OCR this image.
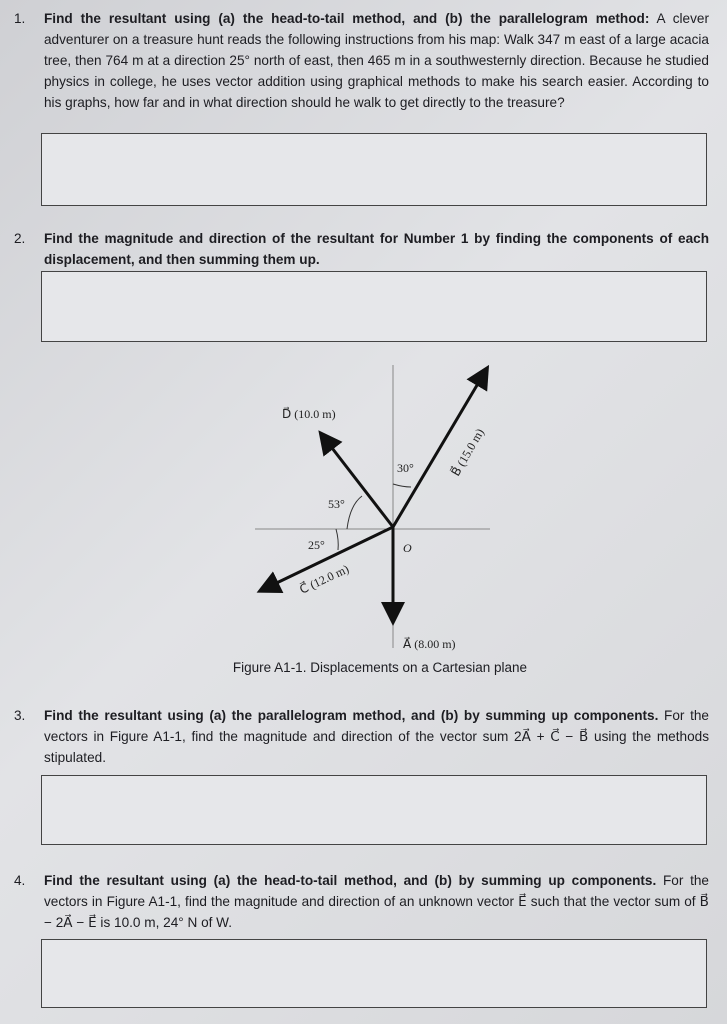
1. Find the resultant using (a) the head-to-tail method, and (b) the parallelogram method: A clever adventurer on a treasure hunt reads the following instructions from his map: Walk 347 m east of a large acacia tree, then 764 m at a direction 25° north of east, then 465 m in a southwesternly direction. Because he studied physics in college, he uses vector addition using graphical methods to make his search easier. According to his graphs, how far and in what direction should he walk to get directly to the treasure?
2. Find the magnitude and direction of the resultant for Number 1 by finding the components of each displacement, and then summing them up.
D⃗ (10.0 m)
B⃗ (15.0 m)
C⃗ (12.0 m)
A⃗ (8.00 m)
O
30°
53°
25°
Figure A1-1. Displacements on a Cartesian plane
3. Find the resultant using (a) the parallelogram method, and (b) by summing up components. For the vectors in Figure A1-1, find the magnitude and direction of the vector sum 2A⃗ + C⃗ − B⃗ using the methods stipulated.
4. Find the resultant using (a) the head-to-tail method, and (b) by summing up components. For the vectors in Figure A1-1, find the magnitude and direction of an unknown vector E⃗ such that the vector sum of B⃗ − 2A⃗ − E⃗ is 10.0 m, 24° N of W.
